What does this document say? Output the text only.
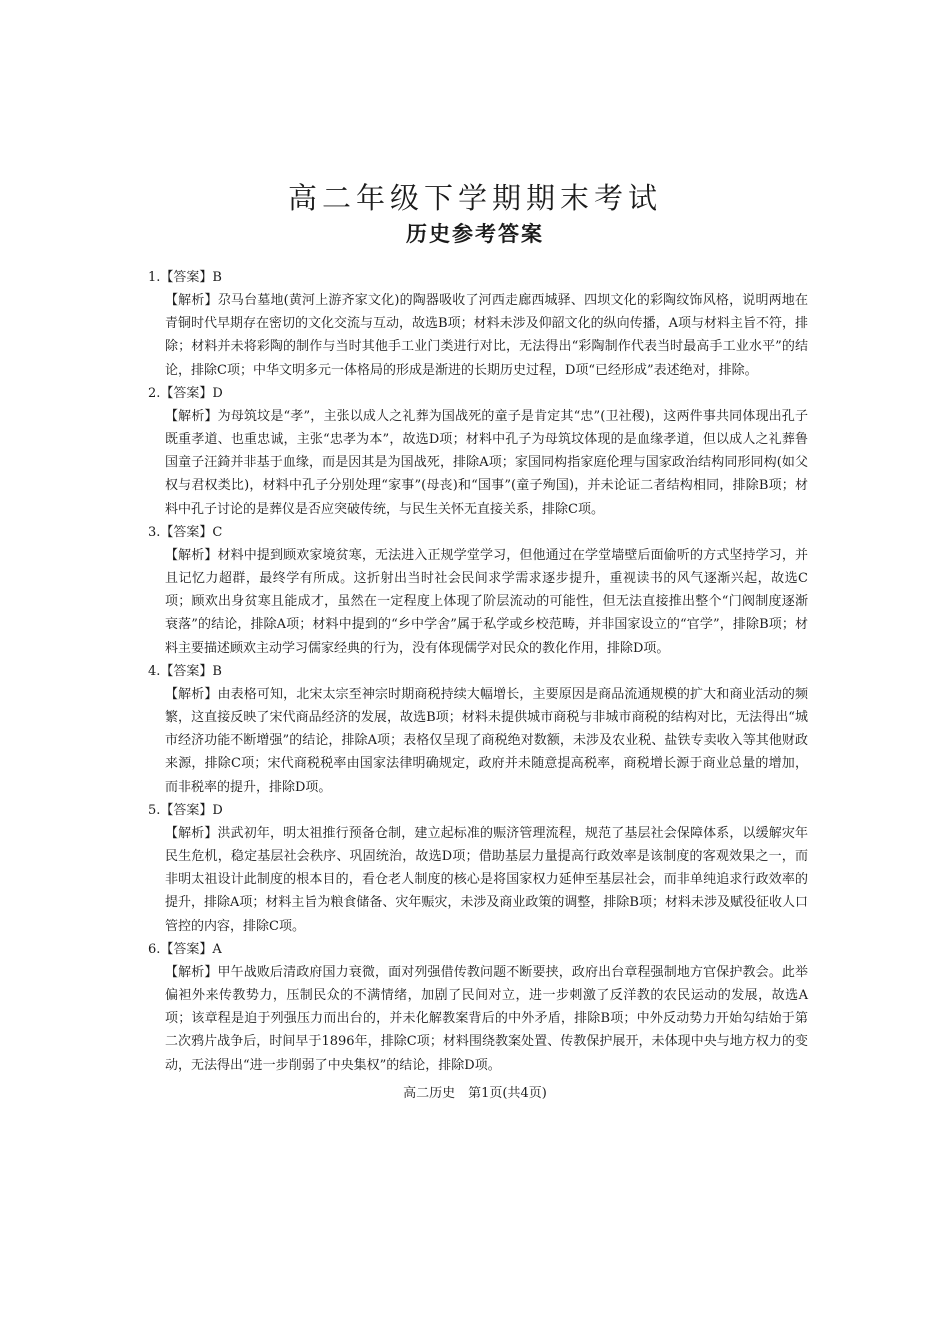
高二年级下学期期末考试
历史参考答案

1.【答案】B

【解析】尕马台墓地(黄河上游齐家文化)的陶器吸收了河西走廊西城驿、四坝文化的彩陶纹饰风格，说明两地在青铜时代早期存在密切的文化交流与互动，故选B项；材料未涉及仰韶文化的纵向传播，A项与材料主旨不符，排除；材料并未将彩陶的制作与当时其他手工业门类进行对比，无法得出“彩陶制作代表当时最高手工业水平”的结论，排除C项；中华文明多元一体格局的形成是渐进的长期历史过程，D项“已经形成”表述绝对，排除。

2.【答案】D

【解析】为母筑坟是“孝”，主张以成人之礼葬为国战死的童子是肯定其“忠”(卫社稷)，这两件事共同体现出孔子既重孝道、也重忠诚，主张“忠孝为本”，故选D项；材料中孔子为母筑坟体现的是血缘孝道，但以成人之礼葬鲁国童子汪錡并非基于血缘，而是因其是为国战死，排除A项；家国同构指家庭伦理与国家政治结构同形同构(如父权与君权类比)，材料中孔子分别处理“家事”(母丧)和“国事”(童子殉国)，并未论证二者结构相同，排除B项；材料中孔子讨论的是葬仪是否应突破传统，与民生关怀无直接关系，排除C项。

3.【答案】C

【解析】材料中提到顾欢家境贫寒，无法进入正规学堂学习，但他通过在学堂墙壁后面偷听的方式坚持学习，并且记忆力超群，最终学有所成。这折射出当时社会民间求学需求逐步提升，重视读书的风气逐渐兴起，故选C项；顾欢出身贫寒且能成才，虽然在一定程度上体现了阶层流动的可能性，但无法直接推出整个“门阀制度逐渐衰落”的结论，排除A项；材料中提到的“乡中学舍”属于私学或乡校范畴，并非国家设立的“官学”，排除B项；材料主要描述顾欢主动学习儒家经典的行为，没有体现儒学对民众的教化作用，排除D项。

4.【答案】B

【解析】由表格可知，北宋太宗至神宗时期商税持续大幅增长，主要原因是商品流通规模的扩大和商业活动的频繁，这直接反映了宋代商品经济的发展，故选B项；材料未提供城市商税与非城市商税的结构对比，无法得出“城市经济功能不断增强”的结论，排除A项；表格仅呈现了商税绝对数额，未涉及农业税、盐铁专卖收入等其他财政来源，排除C项；宋代商税税率由国家法律明确规定，政府并未随意提高税率，商税增长源于商业总量的增加，而非税率的提升，排除D项。

5.【答案】D

【解析】洪武初年，明太祖推行预备仓制，建立起标准的赈济管理流程，规范了基层社会保障体系，以缓解灾年民生危机，稳定基层社会秩序、巩固统治，故选D项；借助基层力量提高行政效率是该制度的客观效果之一，而非明太祖设计此制度的根本目的，看仓老人制度的核心是将国家权力延伸至基层社会，而非单纯追求行政效率的提升，排除A项；材料主旨为粮食储备、灾年赈灾，未涉及商业政策的调整，排除B项；材料未涉及赋役征收人口管控的内容，排除C项。

6.【答案】A

【解析】甲午战败后清政府国力衰微，面对列强借传教问题不断要挟，政府出台章程强制地方官保护教会。此举偏袒外来传教势力，压制民众的不满情绪，加剧了民间对立，进一步刺激了反洋教的农民运动的发展，故选A项；该章程是迫于列强压力而出台的，并未化解教案背后的中外矛盾，排除B项；中外反动势力开始勾结始于第二次鸦片战争后，时间早于1896年，排除C项；材料围绕教案处置、传教保护展开，未体现中央与地方权力的变动，无法得出“进一步削弱了中央集权”的结论，排除D项。

高二历史　第1页(共4页)
